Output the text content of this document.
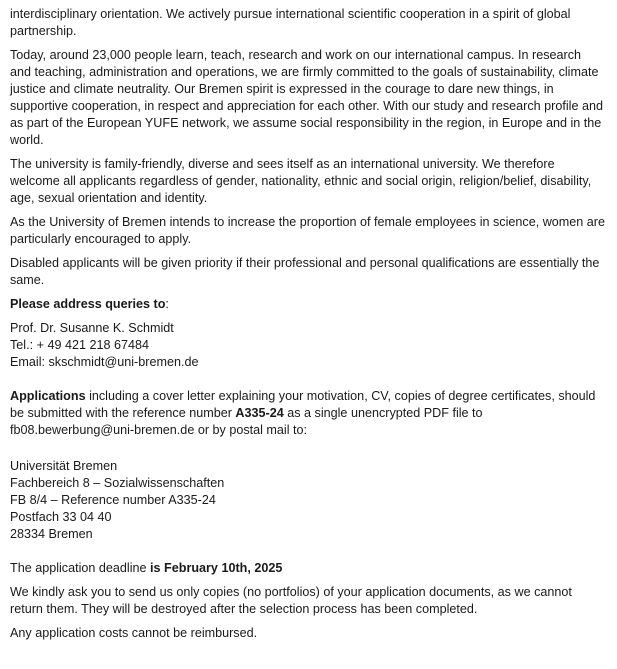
interdisciplinary orientation. We actively pursue international scientific cooperation in a spirit of global partnership.

Today, around 23,000 people learn, teach, research and work on our international campus. In research and teaching, administration and operations, we are firmly committed to the goals of sustainability, climate justice and climate neutrality. Our Bremen spirit is expressed in the courage to dare new things, in supportive cooperation, in respect and appreciation for each other. With our study and research profile and as part of the European YUFE network, we assume social responsibility in the region, in Europe and in the world.

The university is family-friendly, diverse and sees itself as an international university. We therefore welcome all applicants regardless of gender, nationality, ethnic and social origin, religion/belief, disability, age, sexual orientation and identity.

As the University of Bremen intends to increase the proportion of female employees in science, women are particularly encouraged to apply.

Disabled applicants will be given priority if their professional and personal qualifications are essentially the same.

Please address queries to:

Prof. Dr. Susanne K. Schmidt
Tel.: + 49 421 218 67484
Email: skschmidt@uni-bremen.de

Applications including a cover letter explaining your motivation, CV, copies of degree certificates, should be submitted with the reference number A335-24 as a single unencrypted PDF file to fb08.bewerbung@uni-bremen.de or by postal mail to:

Universität Bremen
Fachbereich 8 – Sozialwissenschaften
FB 8/4 – Reference number A335-24
Postfach 33 04 40
28334 Bremen

The application deadline is February 10th, 2025

We kindly ask you to send us only copies (no portfolios) of your application documents, as we cannot return them. They will be destroyed after the selection process has been completed.

Any application costs cannot be reimbursed.
